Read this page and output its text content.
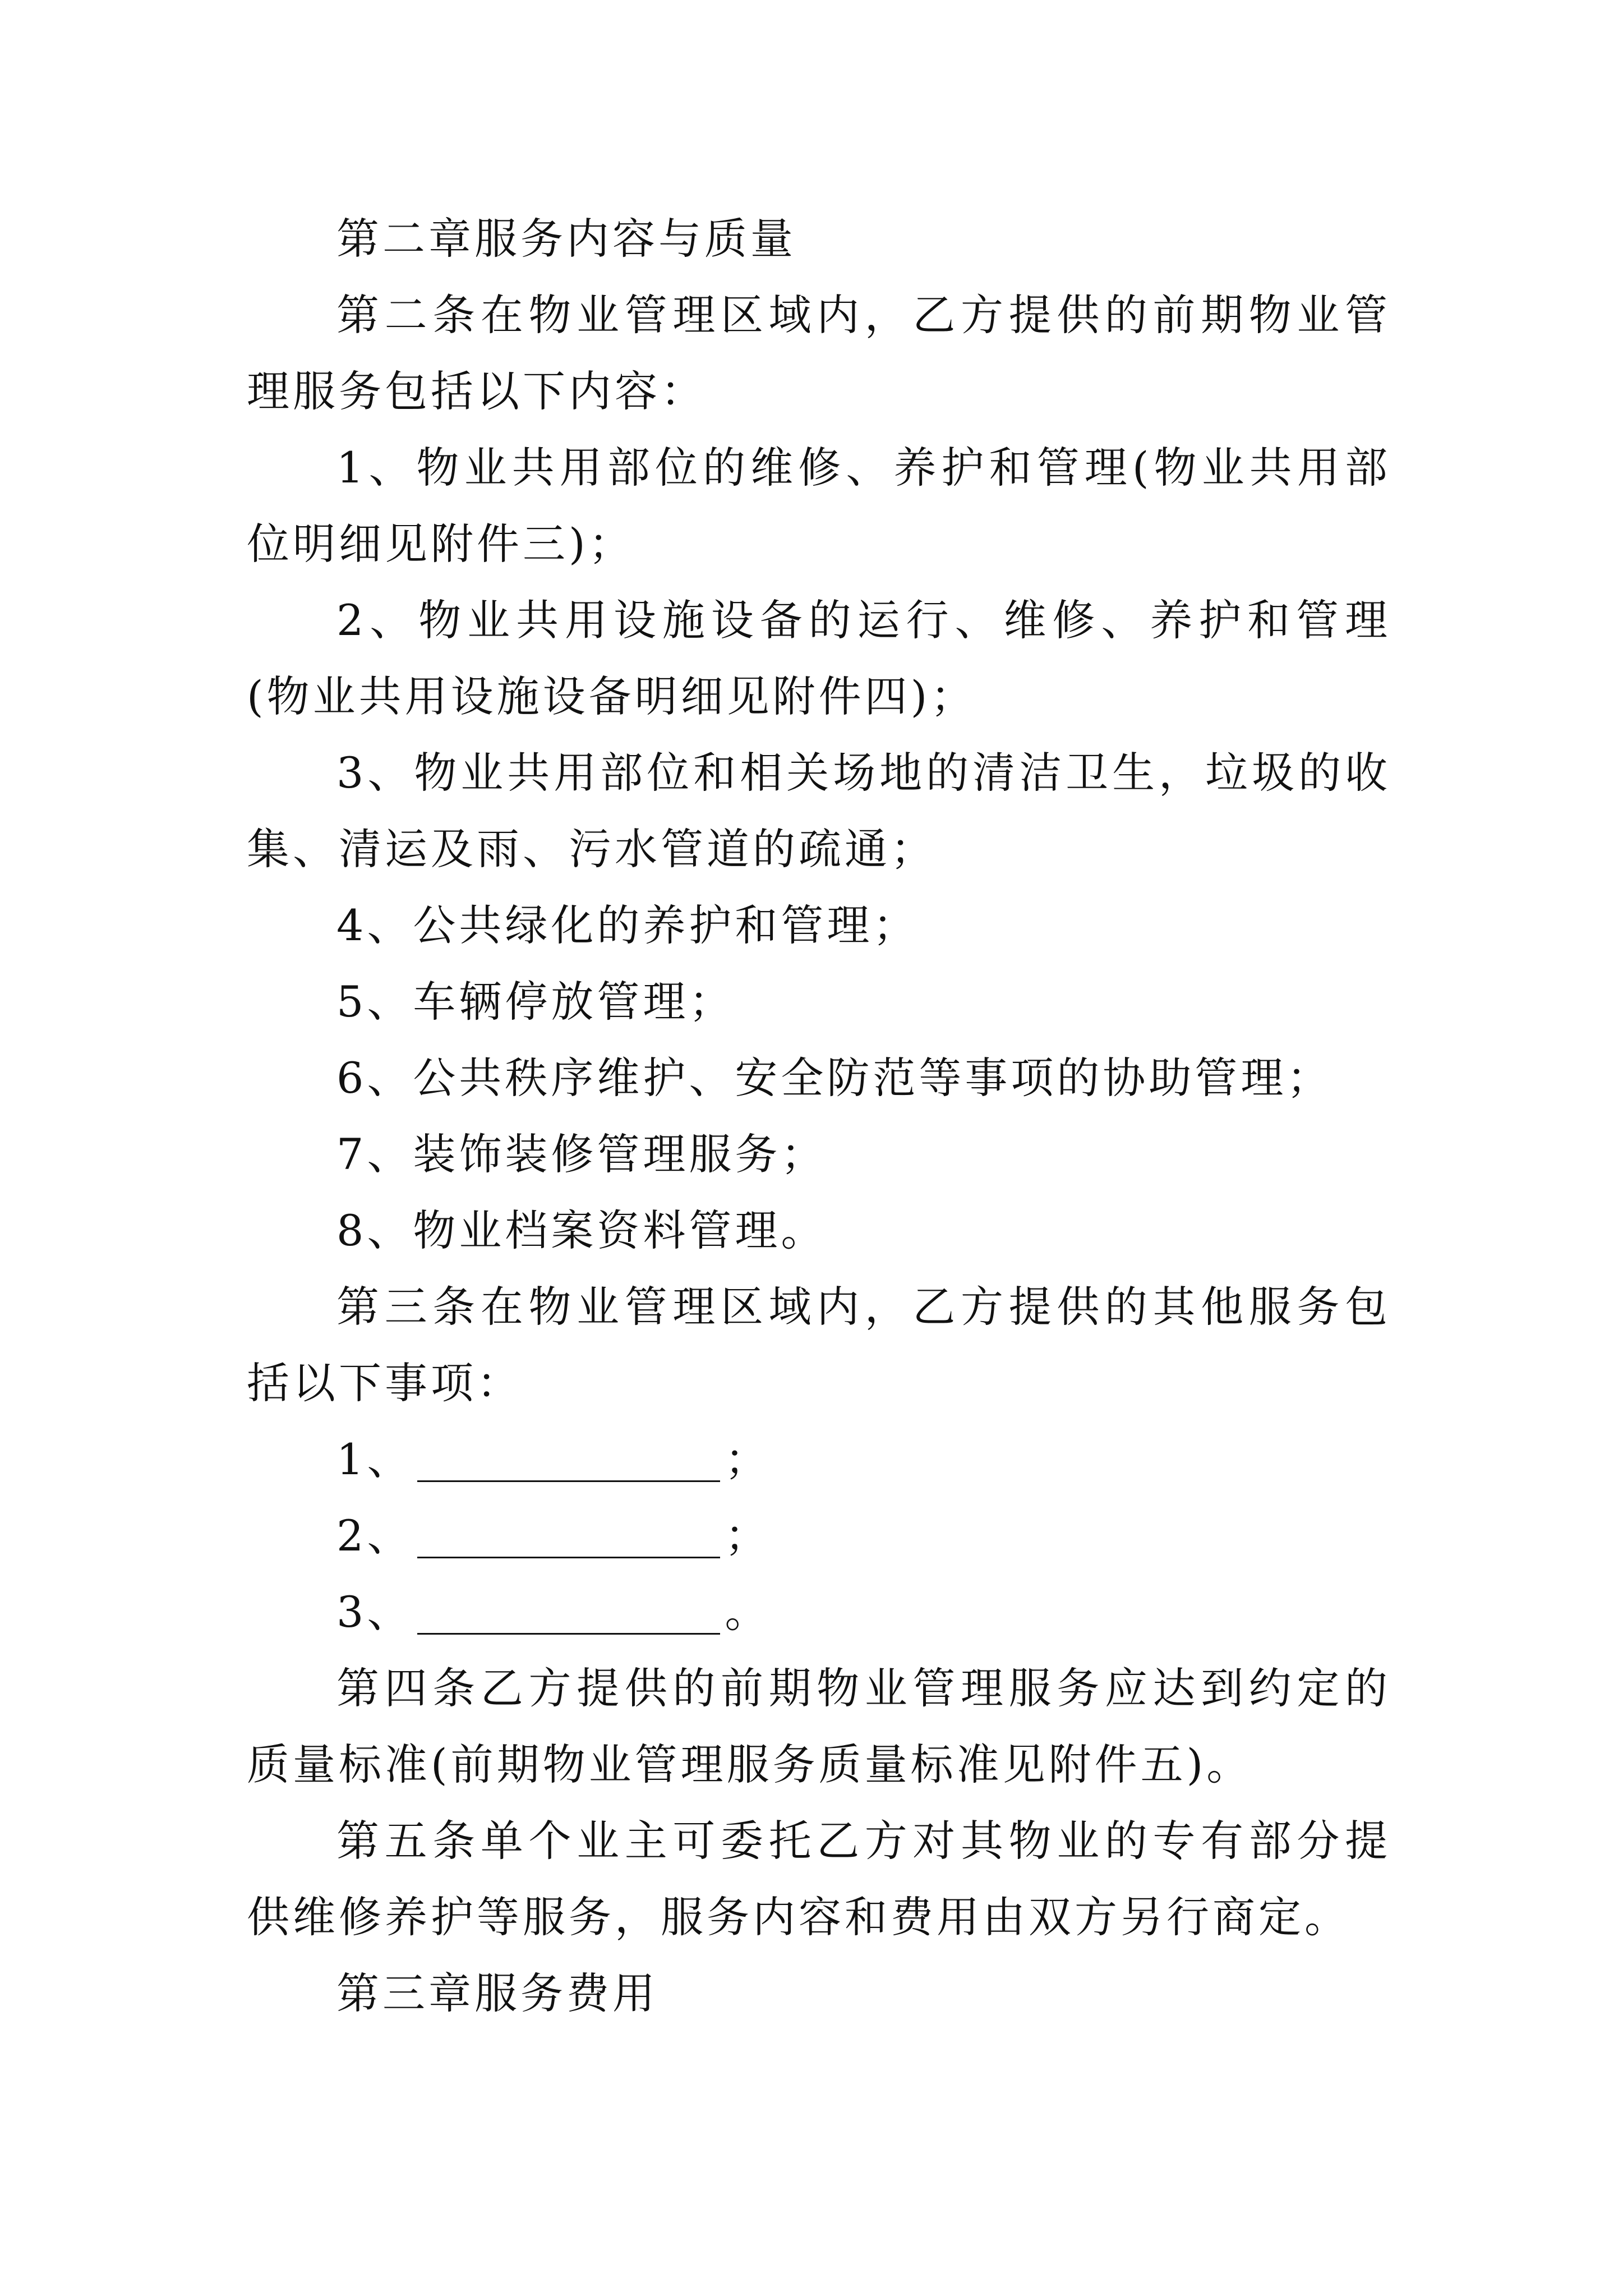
第二章服务内容与质量

第二条在物业管理区域内，乙方提供的前期物业管理服务包括以下内容：

1、物业共用部位的维修、养护和管理(物业共用部位明细见附件三)；

2、物业共用设施设备的运行、维修、养护和管理(物业共用设施设备明细见附件四)；

3、物业共用部位和相关场地的清洁卫生，垃圾的收集、清运及雨、污水管道的疏通；

4、公共绿化的养护和管理；

5、车辆停放管理；

6、公共秩序维护、安全防范等事项的协助管理；

7、装饰装修管理服务；

8、物业档案资料管理。

第三条在物业管理区域内，乙方提供的其他服务包括以下事项：

1、	；

2、	；

3、	。

第四条乙方提供的前期物业管理服务应达到约定的质量标准(前期物业管理服务质量标准见附件五)。

第五条单个业主可委托乙方对其物业的专有部分提供维修养护等服务，服务内容和费用由双方另行商定。

第三章服务费用
